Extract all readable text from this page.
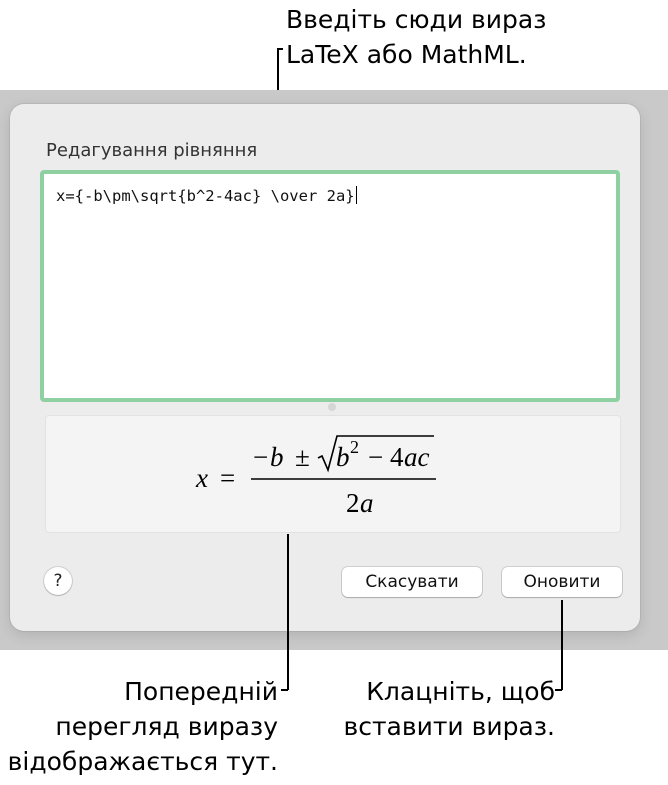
Введіть сюди вираз
LaTeX або MathML.
Редагування рівняння
x={-b\pm\sqrt{b^2-4ac} \over 2a}
x =
− b ± b 2 − 4 ac
2 a
?	Скасувати	Оновити
Попередній
перегляд виразу
відображається тут.
Клацніть, щоб
вставити вираз.
